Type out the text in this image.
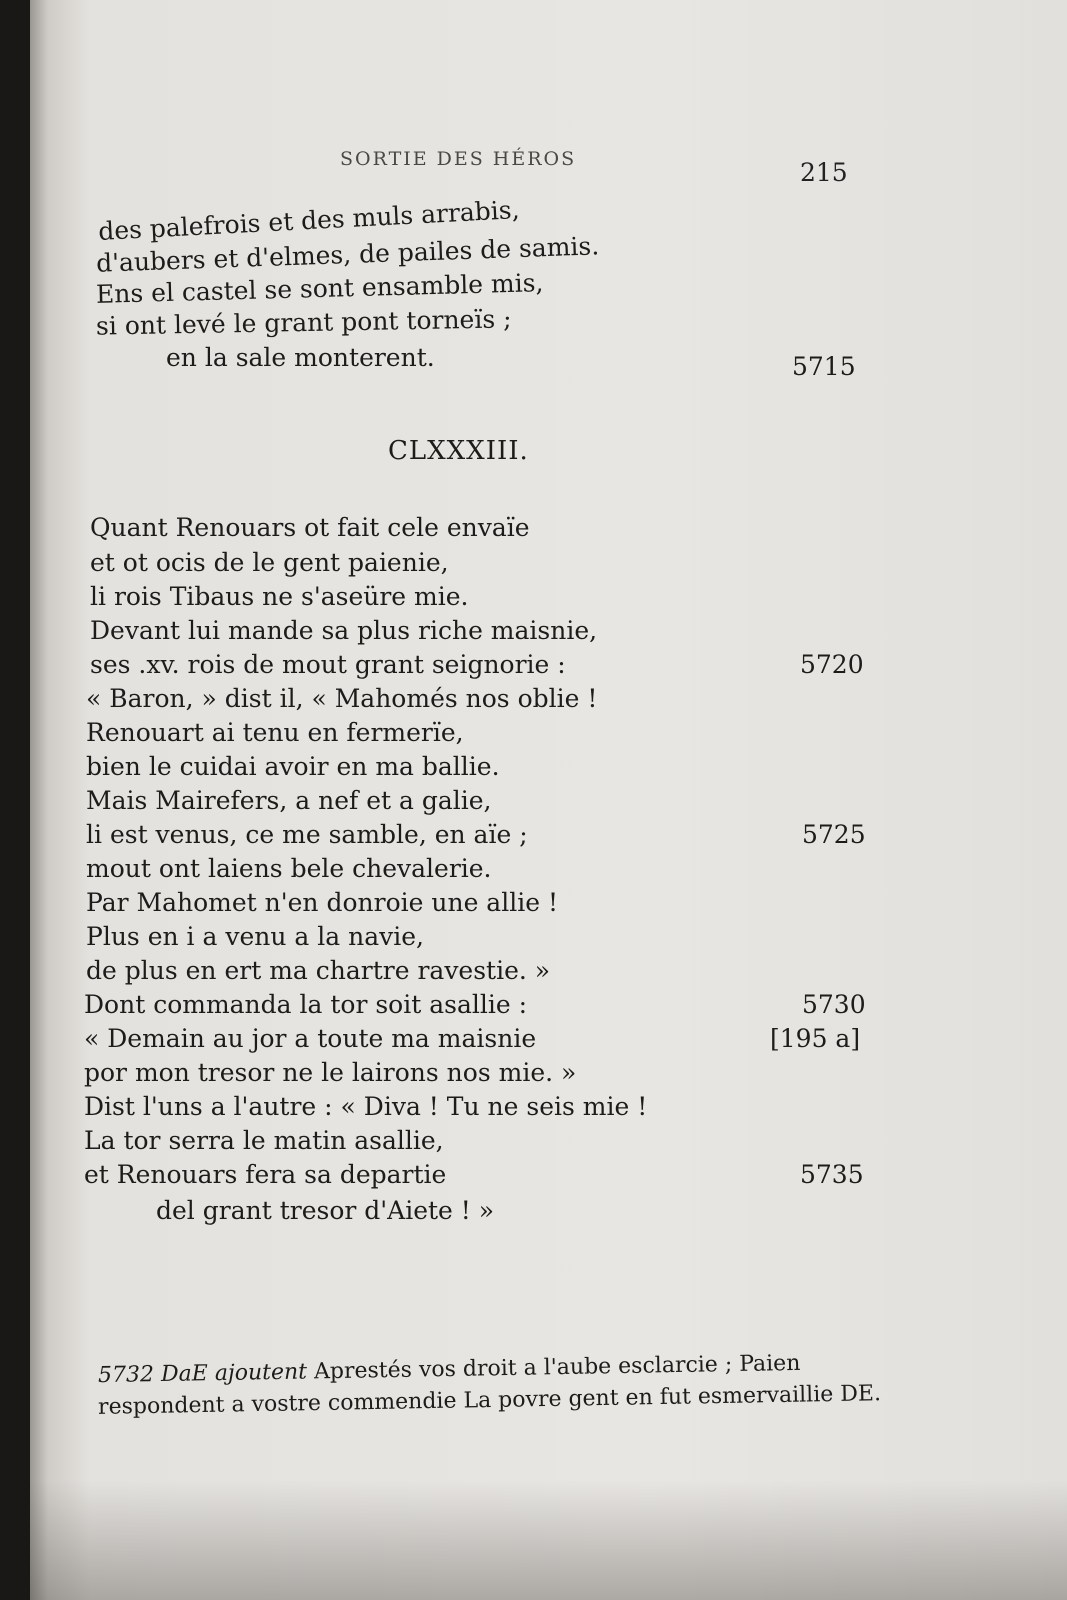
SORTIE DES HÉROS	215
des palefrois et des muls arrabis,
d'aubers et d'elmes, de pailes de samis.
Ens el castel se sont ensamble mis,
si ont levé le grant pont torneïs ;
en la sale monterent.	5715
CLXXXIII.
Quant Renouars ot fait cele envaïe
et ot ocis de le gent paienie,
li rois Tibaus ne s'aseüre mie.
Devant lui mande sa plus riche maisnie,
ses .xv. rois de mout grant seignorie :	5720
« Baron, » dist il, « Mahomés nos oblie !
Renouart ai tenu en fermerïe,
bien le cuidai avoir en ma ballie.
Mais Mairefers, a nef et a galie,
li est venus, ce me samble, en aïe ;	5725
mout ont laiens bele chevalerie.
Par Mahomet n'en donroie une allie !
Plus en i a venu a la navie,
de plus en ert ma chartre ravestie. »
Dont commanda la tor soit asallie :	5730
« Demain au jor a toute ma maisnie	[195 a]
por mon tresor ne le lairons nos mie. »
Dist l'uns a l'autre : « Diva ! Tu ne seis mie !
La tor serra le matin asallie,
et Renouars fera sa departie	5735
del grant tresor d'Aiete ! »
5732 DaE ajoutent Aprestés vos droit a l'aube esclarcie ; Paien
respondent a vostre commendie La povre gent en fut esmervaillie DE.
